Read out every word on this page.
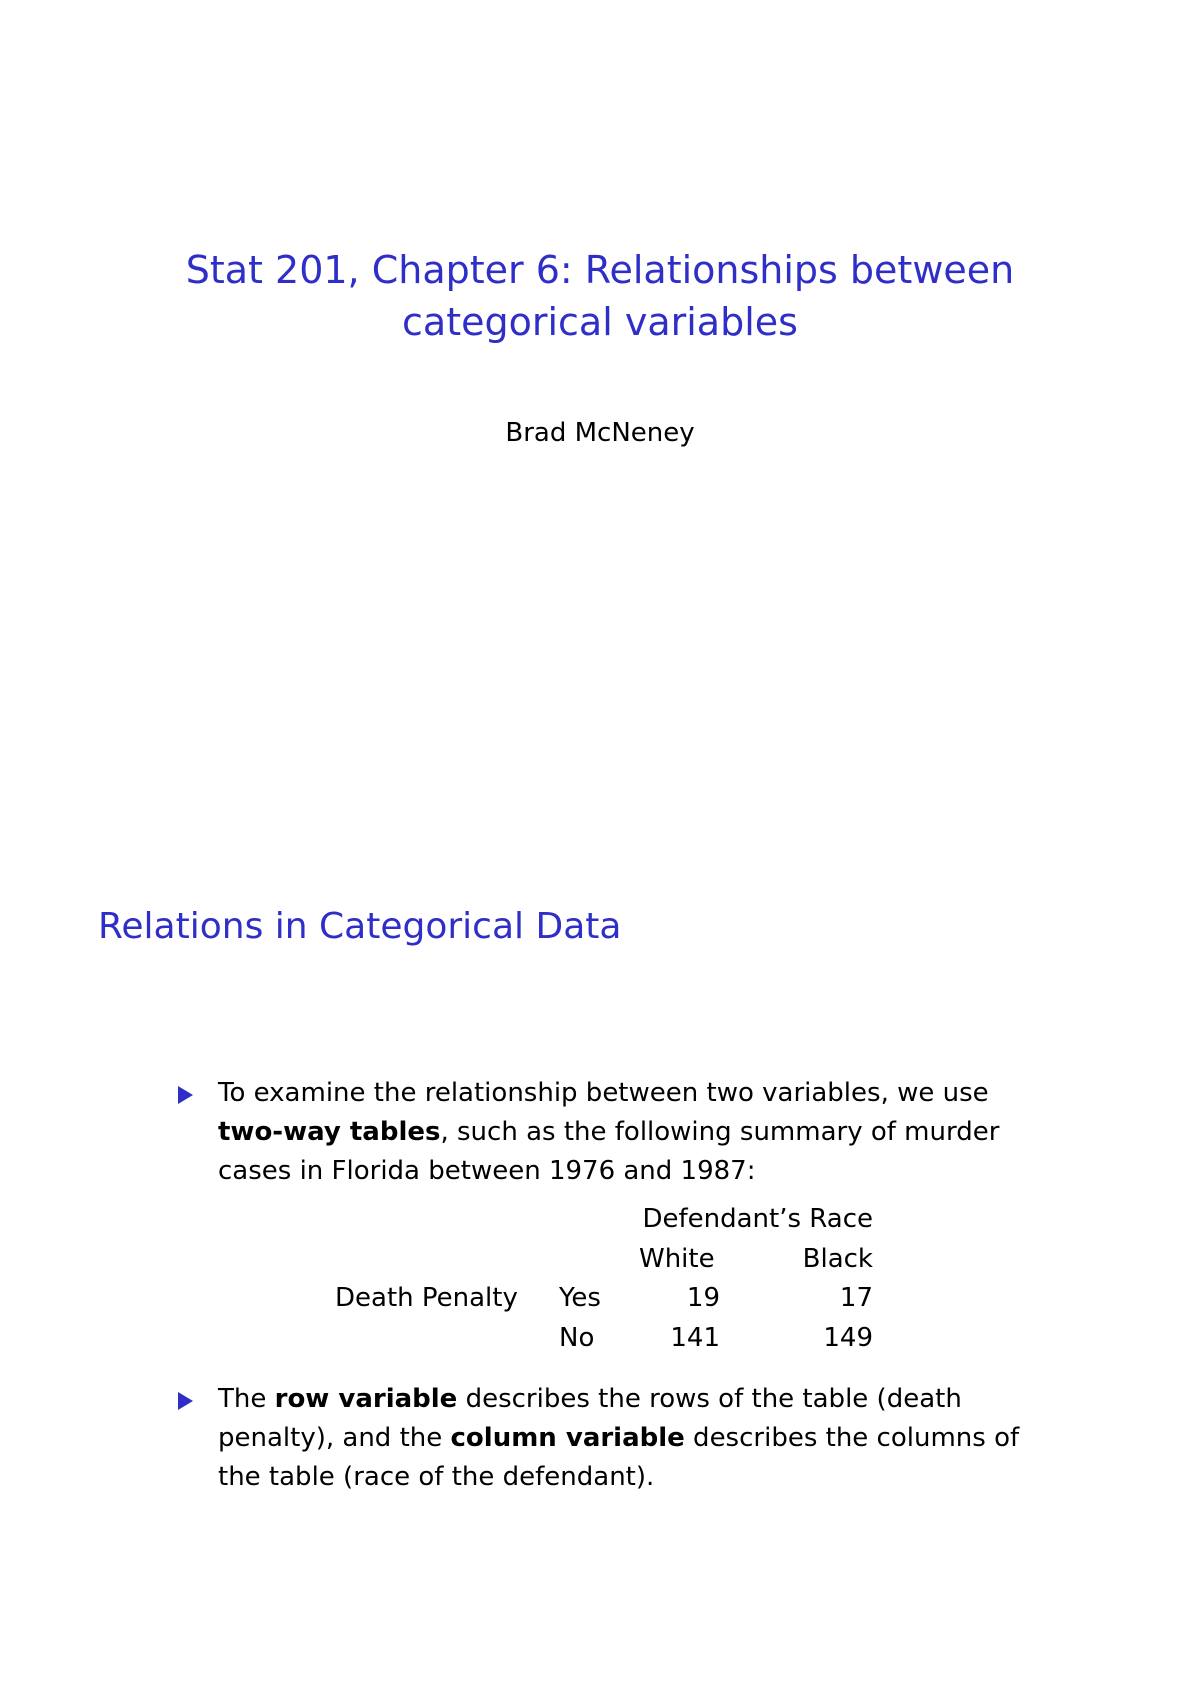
Stat 201, Chapter 6: Relationships between
categorical variables
Brad McNeney
Relations in Categorical Data
To examine the relationship between two variables, we use two-way tables, such as the following summary of murder cases in Florida between 1976 and 1987:
Defendant’s Race
White	Black
Death Penalty Yes	19	17
No	141	149
The row variable describes the rows of the table (death penalty), and the column variable describes the columns of the table (race of the defendant).
